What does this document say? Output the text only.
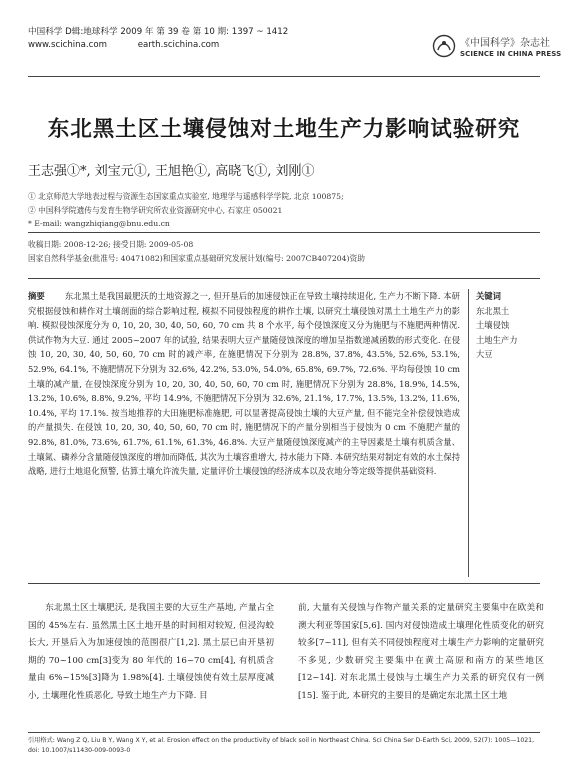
中国科学 D辑:地球科学 2009 年 第 39 卷 第 10 期: 1397 ~ 1412
www.scichina.com	earth.scichina.com	《中国科学》杂志社
SCIENCE IN CHINA PRESS
东北黑土区土壤侵蚀对土地生产力影响试验研究
王志强①*, 刘宝元①, 王旭艳①, 高晓飞①, 刘刚①
① 北京师范大学地表过程与资源生态国家重点实验室, 地理学与遥感科学学院, 北京 100875;
② 中国科学院遗传与发育生物学研究所农业资源研究中心, 石家庄 050021
* E-mail: wangzhiqiang@bnu.edu.cn
收稿日期: 2008-12-26; 接受日期: 2009-05-08
国家自然科学基金(批准号: 40471082)和国家重点基础研究发展计划(编号: 2007CB407204)资助
摘要 东北黑土是我国最肥沃的土地资源之一, 但开垦后的加速侵蚀正在导致土壤持续退化, 生产力不断下降. 本研究根据侵蚀和耕作对土壤剖面的综合影响过程, 模拟不同侵蚀程度的耕作土壤, 以研究土壤侵蚀对黑土土地生产力的影响. 模拟侵蚀深度分为 0, 10, 20, 30, 40, 50, 60, 70 cm 共 8 个水平, 每个侵蚀深度又分为施肥与不施肥两种情况. 供试作物为大豆. 通过 2005~2007 年的试验, 结果表明大豆产量随侵蚀深度的增加呈指数递减函数的形式变化. 在侵蚀 10, 20, 30, 40, 50, 60, 70 cm 时的减产率, 在施肥情况下分别为 28.8%, 37.8%, 43.5%, 52.6%, 53.1%, 52.9%, 64.1%, 不施肥情况下分别为 32.6%, 42.2%, 53.0%, 54.0%, 65.8%, 69.7%, 72.6%. 平均每侵蚀 10 cm 土壤的减产量, 在侵蚀深度分别为 10, 20, 30, 40, 50, 60, 70 cm 时, 施肥情况下分别为 28.8%, 18.9%, 14.5%, 13.2%, 10.6%, 8.8%, 9.2%, 平均 14.9%, 不施肥情况下分别为 32.6%, 21.1%, 17.7%, 13.5%, 13.2%, 11.6%, 10.4%, 平均 17.1%. 按当地推荐的大田施肥标准施肥, 可以显著提高侵蚀土壤的大豆产量, 但不能完全补偿侵蚀造成的产量损失. 在侵蚀 10, 20, 30, 40, 50, 60, 70 cm 时, 施肥情况下的产量分别相当于侵蚀为 0 cm 不施肥产量的 92.8%, 81.0%, 73.6%, 61.7%, 61.1%, 61.3%, 46.8%. 大豆产量随侵蚀深度减产的主导因素是土壤有机质含量、土壤氮、磷养分含量随侵蚀深度的增加而降低, 其次为土壤容重增大, 持水能力下降. 本研究结果对制定有效的水土保持战略, 进行土地退化预警, 估算土壤允许流失量, 定量评价土壤侵蚀的经济成本以及农地分等定级等提供基础资料.
关键词
东北黑土
土壤侵蚀
土地生产力
大豆
东北黑土区土壤肥沃, 是我国主要的大豆生产基地, 产量占全国的 45%左右. 虽然黑土区土地开垦的时间相对较短, 但浸沟蛟长大, 开垦后入为加速侵蚀的范围很广[1,2]. 黑土层已由开垦初期的 70~100 cm[3]变为 80 年代的 16~70 cm[4], 有机质含量由 6%~15%[3]降为 1.98%[4]. 土壤侵蚀使有效土层厚度减小, 土壤理化性质恶化, 导致土地生产力下降. 目
前, 大量有关侵蚀与作物产量关系的定量研究主要集中在欧美和澳大利亚等国家[5,6]. 国内对侵蚀造成土壤理化性质变化的研究较多[7~11], 但有关不同侵蚀程度对土壤生产力影响的定量研究不多见, 少数研究主要集中在黄土高原和南方的某些地区[12~14]. 对东北黑土侵蚀与土壤生产力关系的研究仅有一例[15]. 鉴于此, 本研究的主要目的是确定东北黑土区土地
引用格式: Wang Z Q, Liu B Y, Wang X Y, et al. Erosion effect on the productivity of black soil in Northeast China. Sci China Ser D-Earth Sci, 2009, 52(7): 1005—1021, doi: 10.1007/s11430-009-0093-0
